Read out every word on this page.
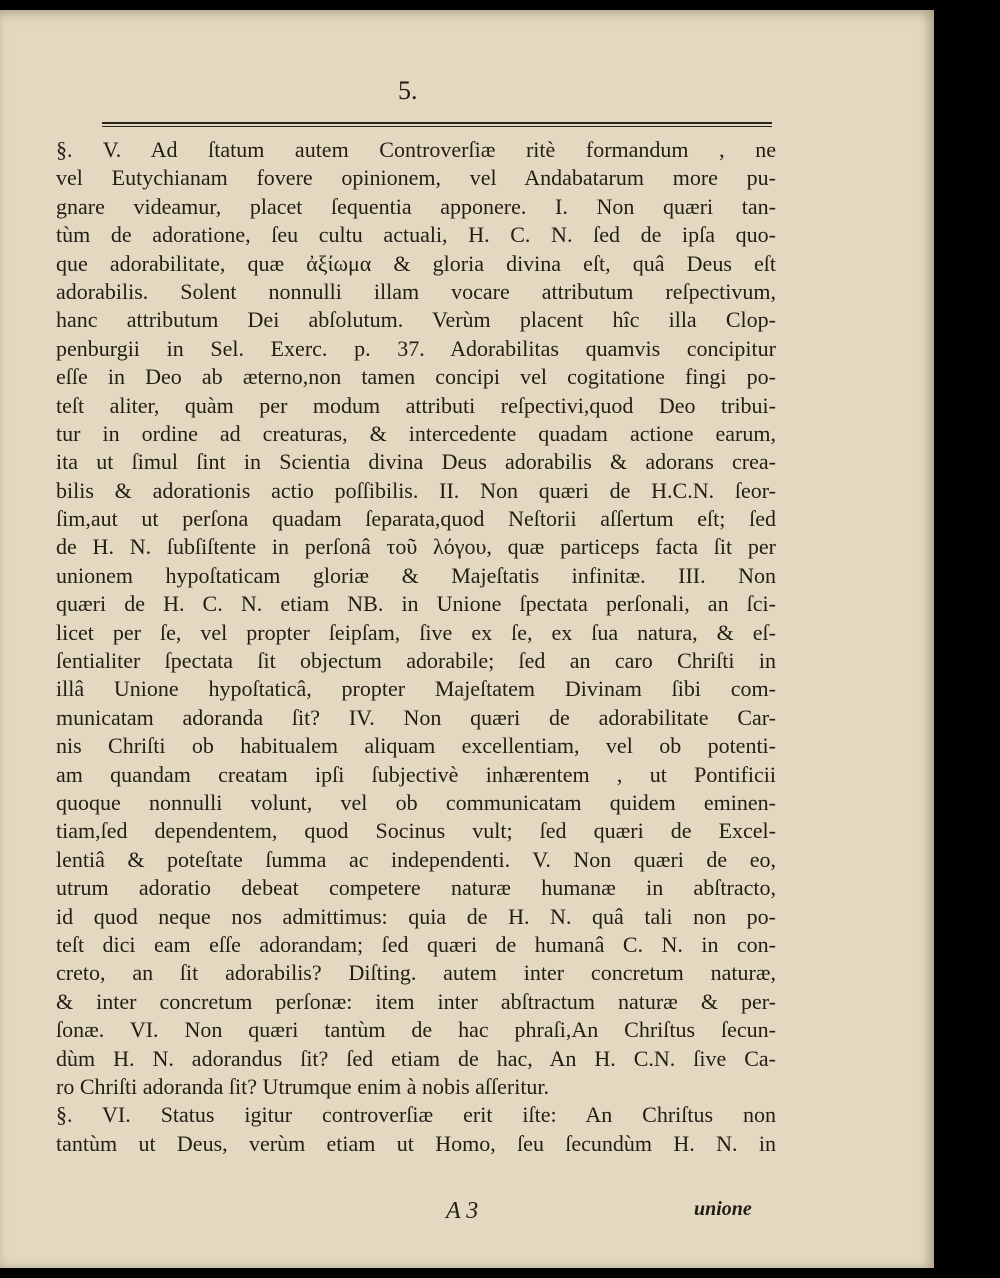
5.
§. V. Ad ſtatum autem Controverſiæ ritè formandum , ne
vel Eutychianam fovere opinionem, vel Andabatarum more pu-
gnare videamur, placet ſequentia apponere. I. Non quæri tan-
tùm de adoratione, ſeu cultu actuali, H. C. N. ſed de ipſa quo-
que adorabilitate, quæ ἀξίωμα & gloria divina eſt, quâ Deus eſt
adorabilis. Solent nonnulli illam vocare attributum reſpectivum,
hanc attributum Dei abſolutum. Verùm placent hîc illa Clop-
penburgii in Sel. Exerc. p. 37. Adorabilitas quamvis concipitur
eſſe in Deo ab æterno,non tamen concipi vel cogitatione fingi po-
teſt aliter, quàm per modum attributi reſpectivi,quod Deo tribui-
tur in ordine ad creaturas, & intercedente quadam actione earum,
ita ut ſimul ſint in Scientia divina Deus adorabilis & adorans crea-
bilis & adorationis actio poſſibilis. II. Non quæri de H.C.N. ſeor-
ſim,aut ut perſona quadam ſeparata,quod Neſtorii aſſertum eſt; ſed
de H. N. ſubſiſtente in perſonâ τοῦ λόγου, quæ particeps facta ſit per
unionem hypoſtaticam gloriæ & Majeſtatis infinitæ. III. Non
quæri de H. C. N. etiam NB. in Unione ſpectata perſonali, an ſci-
licet per ſe, vel propter ſeipſam, ſive ex ſe, ex ſua natura, & eſ-
ſentialiter ſpectata ſit objectum adorabile; ſed an caro Chriſti in
illâ Unione hypoſtaticâ, propter Majeſtatem Divinam ſibi com-
municatam adoranda ſit? IV. Non quæri de adorabilitate Car-
nis Chriſti ob habitualem aliquam excellentiam, vel ob potenti-
am quandam creatam ipſi ſubjectivè inhærentem , ut Pontificii
quoque nonnulli volunt, vel ob communicatam quidem eminen-
tiam,ſed dependentem, quod Socinus vult; ſed quæri de Excel-
lentiâ & poteſtate ſumma ac independenti. V. Non quæri de eo,
utrum adoratio debeat competere naturæ humanæ in abſtracto,
id quod neque nos admittimus: quia de H. N. quâ tali non po-
teſt dici eam eſſe adorandam; ſed quæri de humanâ C. N. in con-
creto, an ſit adorabilis? Diſting. autem inter concretum naturæ,
& inter concretum perſonæ: item inter abſtractum naturæ & per-
ſonæ. VI. Non quæri tantùm de hac phraſi,An Chriſtus ſecun-
dùm H. N. adorandus ſit? ſed etiam de hac, An H. C.N. ſive Ca-
ro Chriſti adoranda ſit? Utrumque enim à nobis aſſeritur.
§. VI. Status igitur controverſiæ erit iſte: An Chriſtus non
tantùm ut Deus, verùm etiam ut Homo, ſeu ſecundùm H. N. in
A 3	unione
